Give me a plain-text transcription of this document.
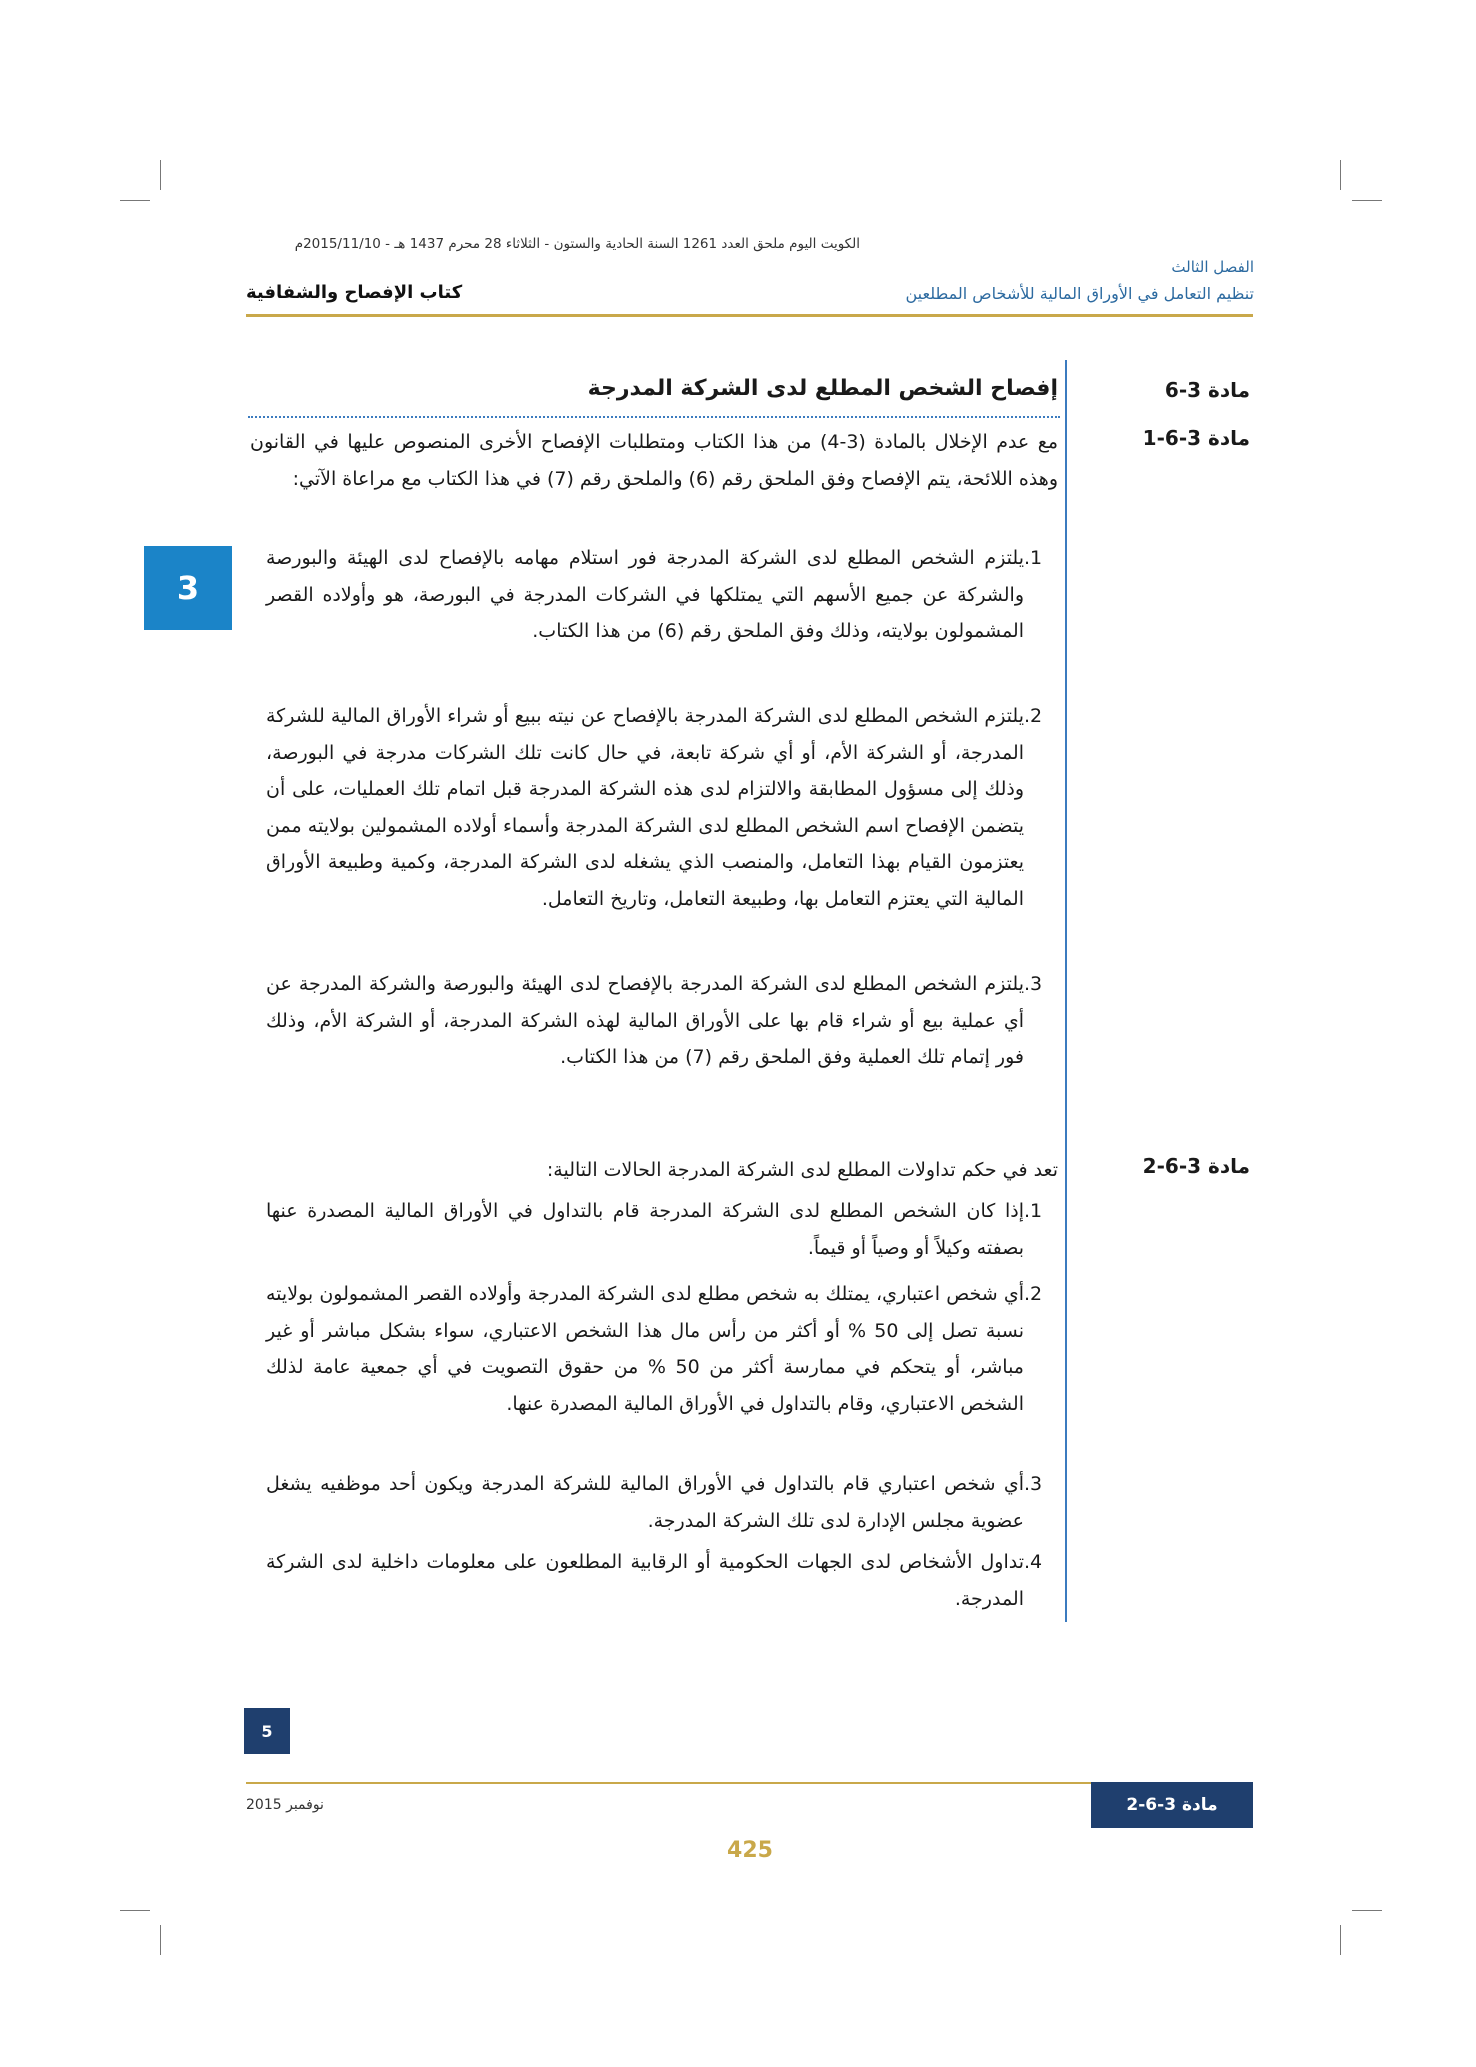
الكويت اليوم ملحق العدد 1261 السنة الحادية والستون - الثلاثاء 28 محرم 1437 هـ - 2015/11/10م
الفصل الثالث
تنظيم التعامل في الأوراق المالية للأشخاص المطلعين
كتاب الإفصاح والشفافية
3
مادة 3-6
إفصاح الشخص المطلع لدى الشركة المدرجة
مادة 3-6-1
مع عدم الإخلال بالمادة (3-4) من هذا الكتاب ومتطلبات الإفصاح الأخرى المنصوص عليها في القانون وهذه اللائحة، يتم الإفصاح وفق الملحق رقم (6) والملحق رقم (7) في هذا الكتاب مع مراعاة الآتي:
1.
يلتزم الشخص المطلع لدى الشركة المدرجة فور استلام مهامه بالإفصاح لدى الهيئة والبورصة والشركة عن جميع الأسهم التي يمتلكها في الشركات المدرجة في البورصة، هو وأولاده القصر المشمولون بولايته، وذلك وفق الملحق رقم (6) من هذا الكتاب.
2.
يلتزم الشخص المطلع لدى الشركة المدرجة بالإفصاح عن نيته ببيع أو شراء الأوراق المالية للشركة المدرجة، أو الشركة الأم، أو أي شركة تابعة، في حال كانت تلك الشركات مدرجة في البورصة، وذلك إلى مسؤول المطابقة والالتزام لدى هذه الشركة المدرجة قبل اتمام تلك العمليات، على أن يتضمن الإفصاح اسم الشخص المطلع لدى الشركة المدرجة وأسماء أولاده المشمولين بولايته ممن يعتزمون القيام بهذا التعامل، والمنصب الذي يشغله لدى الشركة المدرجة، وكمية وطبيعة الأوراق المالية التي يعتزم التعامل بها، وطبيعة التعامل، وتاريخ التعامل.
3.
يلتزم الشخص المطلع لدى الشركة المدرجة بالإفصاح لدى الهيئة والبورصة والشركة المدرجة عن أي عملية بيع أو شراء قام بها على الأوراق المالية لهذه الشركة المدرجة، أو الشركة الأم، وذلك فور إتمام تلك العملية وفق الملحق رقم (7) من هذا الكتاب.
مادة 3-6-2
تعد في حكم تداولات المطلع لدى الشركة المدرجة الحالات التالية:
1.
إذا كان الشخص المطلع لدى الشركة المدرجة قام بالتداول في الأوراق المالية المصدرة عنها بصفته وكيلاً أو وصياً أو قيماً.
2.
أي شخص اعتباري، يمتلك به شخص مطلع لدى الشركة المدرجة وأولاده القصر المشمولون بولايته نسبة تصل إلى 50 % أو أكثر من رأس مال هذا الشخص الاعتباري، سواء بشكل مباشر أو غير مباشر، أو يتحكم في ممارسة أكثر من 50 % من حقوق التصويت في أي جمعية عامة لذلك الشخص الاعتباري، وقام بالتداول في الأوراق المالية المصدرة عنها.
3.
أي شخص اعتباري قام بالتداول في الأوراق المالية للشركة المدرجة ويكون أحد موظفيه يشغل عضوية مجلس الإدارة لدى تلك الشركة المدرجة.
4.
تداول الأشخاص لدى الجهات الحكومية أو الرقابية المطلعون على معلومات داخلية لدى الشركة المدرجة.
5
نوفمبر 2015	مادة 3-6-2
425
